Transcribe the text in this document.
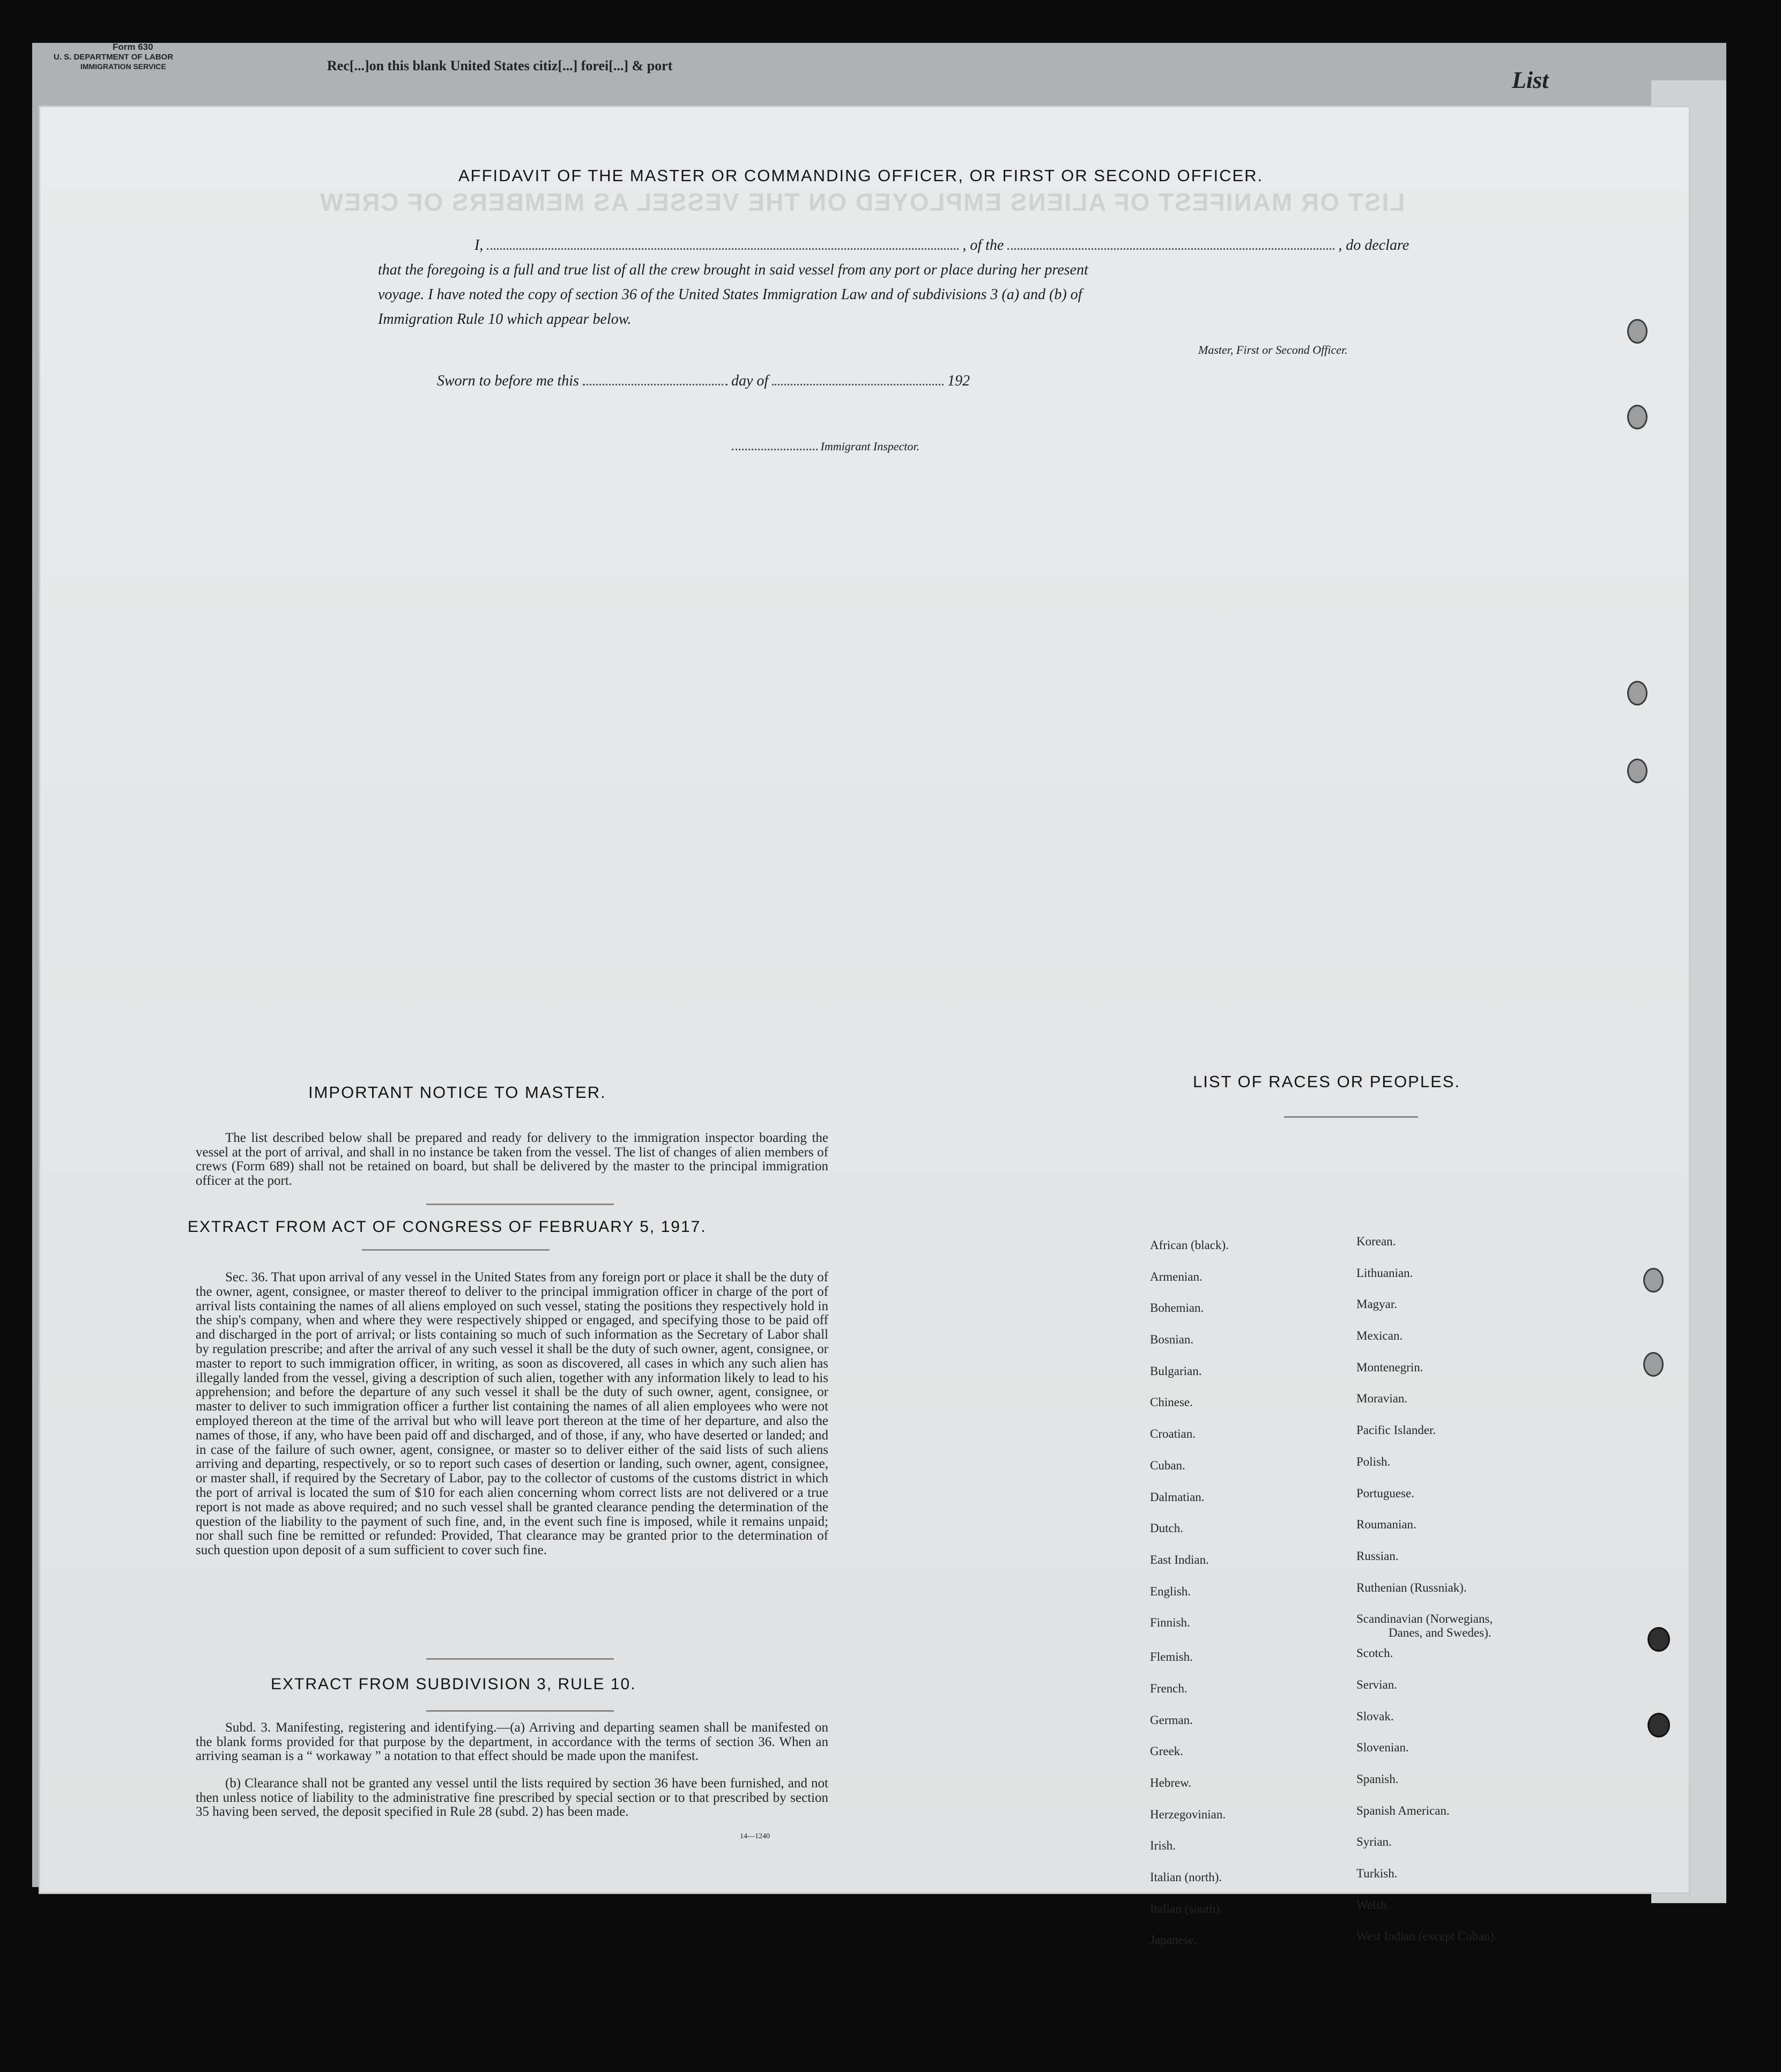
Form 630
U. S. DEPARTMENT OF LABOR
IMMIGRATION SERVICE	Rec[...]on this blank United States citiz[...] forei[...] & port
List
LIST OR MANIFEST OF ALIENS EMPLOYED ON THE VESSEL AS MEMBERS OF CREW
AFFIDAVIT OF THE MASTER OR COMMANDING OFFICER, OR FIRST OR SECOND OFFICER.
I,	, of the	, do declare
that the foregoing is a full and true list of all the crew brought in said vessel from any port or place during her present
voyage. I have noted the copy of section 36 of the United States Immigration Law and of subdivisions 3 (a) and (b) of
Immigration Rule 10 which appear below.
Master, First or Second Officer.
Sworn to before me this	day of	192
Immigrant Inspector.
IMPORTANT NOTICE TO MASTER.
The list described below shall be prepared and ready for delivery to the immigration inspector boarding the vessel at the port of arrival, and shall in no instance be taken from the vessel. The list of changes of alien members of crews (Form 689) shall not be retained on board, but shall be delivered by the master to the principal immigration officer at the port.
EXTRACT FROM ACT OF CONGRESS OF FEBRUARY 5, 1917.
Sec. 36. That upon arrival of any vessel in the United States from any foreign port or place it shall be the duty of the owner, agent, consignee, or master thereof to deliver to the principal immigration officer in charge of the port of arrival lists containing the names of all aliens employed on such vessel, stating the positions they respectively hold in the ship's company, when and where they were respectively shipped or engaged, and specifying those to be paid off and discharged in the port of arrival; or lists containing so much of such information as the Secretary of Labor shall by regulation prescribe; and after the arrival of any such vessel it shall be the duty of such owner, agent, consignee, or master to report to such immigration officer, in writing, as soon as discovered, all cases in which any such alien has illegally landed from the vessel, giving a description of such alien, together with any information likely to lead to his apprehension; and before the departure of any such vessel it shall be the duty of such owner, agent, consignee, or master to deliver to such immigration officer a further list containing the names of all alien employees who were not employed thereon at the time of the arrival but who will leave port thereon at the time of her departure, and also the names of those, if any, who have been paid off and discharged, and of those, if any, who have deserted or landed; and in case of the failure of such owner, agent, consignee, or master so to deliver either of the said lists of such aliens arriving and departing, respectively, or so to report such cases of desertion or landing, such owner, agent, consignee, or master shall, if required by the Secretary of Labor, pay to the collector of customs of the customs district in which the port of arrival is located the sum of $10 for each alien concerning whom correct lists are not delivered or a true report is not made as above required; and no such vessel shall be granted clearance pending the determination of the question of the liability to the payment of such fine, and, in the event such fine is imposed, while it remains unpaid; nor shall such fine be remitted or refunded: Provided, That clearance may be granted prior to the determination of such question upon deposit of a sum sufficient to cover such fine.
EXTRACT FROM SUBDIVISION 3, RULE 10.
Subd. 3. Manifesting, registering and identifying.—(a) Arriving and departing seamen shall be manifested on the blank forms provided for that purpose by the department, in accordance with the terms of section 36. When an arriving seaman is a “ workaway ” a notation to that effect should be made upon the manifest.
(b) Clearance shall not be granted any vessel until the lists required by section 36 have been furnished, and not then unless notice of liability to the administrative fine prescribed by special section or to that prescribed by section 35 having been served, the deposit specified in Rule 28 (subd. 2) has been made.
14—1240
LIST OF RACES OR PEOPLES.
African (black).
Armenian.
Bohemian.
Bosnian.
Bulgarian.
Chinese.
Croatian.
Cuban.
Dalmatian.
Dutch.
East Indian.
English.
Finnish.
Flemish.
French.
German.
Greek.
Hebrew.
Herzegovinian.
Irish.
Italian (north).
Italian (south).
Japanese.
Korean.
Lithuanian.
Magyar.
Mexican.
Montenegrin.
Moravian.
Pacific Islander.
Polish.
Portuguese.
Roumanian.
Russian.
Ruthenian (Russniak).
Scandinavian (Norwegians,
Danes, and Swedes).
Scotch.
Servian.
Slovak.
Slovenian.
Spanish.
Spanish American.
Syrian.
Turkish.
Welsh.
West Indian (except Cuban).
